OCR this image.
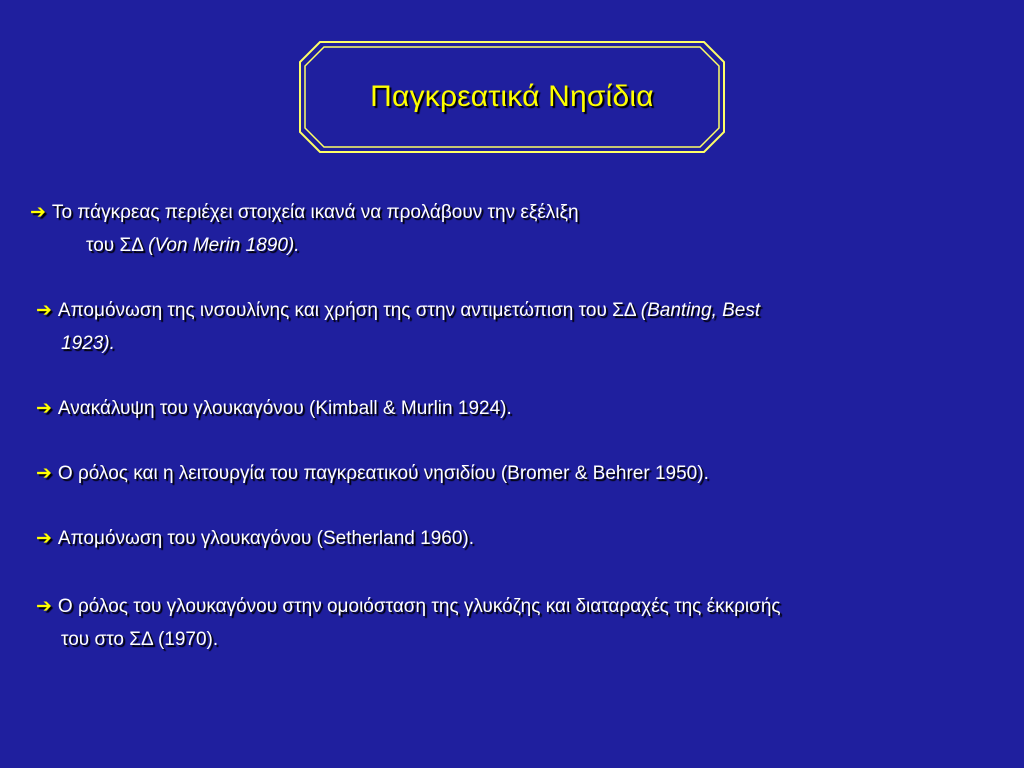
Παγκρεατικά Νησίδια
➔ Το πάγκρεας περιέχει στοιχεία ικανά να προλάβουν την εξέλιξη
του ΣΔ (Von Merin 1890).
➔ Απομόνωση της ινσουλίνης και χρήση της στην αντιμετώπιση του ΣΔ (Banting, Best
1923).
➔ Ανακάλυψη του γλουκαγόνου (Kimball & Murlin 1924).
➔ Ο ρόλος και η λειτουργία του παγκρεατικού νησιδίου (Bromer & Behrer 1950).
➔ Απομόνωση του γλουκαγόνου (Setherland 1960).
➔ Ο ρόλος του γλουκαγόνου στην ομοιόσταση της γλυκόζης και διαταραχές της έκκρισής
του στο ΣΔ (1970).
